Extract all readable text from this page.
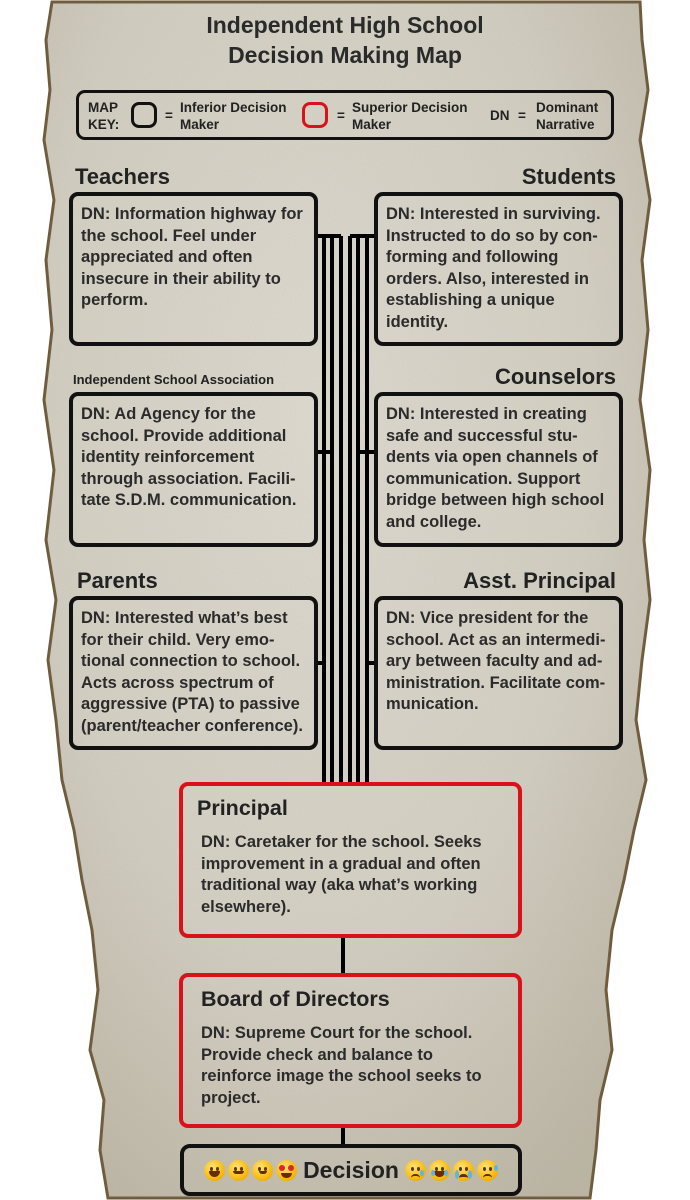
Independent High School
Decision Making Map
MAP
KEY:
=
Inferior Decision
Maker
=
Superior Decision
Maker
DN =
Dominant
Narrative
Teachers
DN: Information highway for the school. Feel under appreciated and often insecure in their ability to perform.
Students
DN: Interested in surviving. Instructed to do so by con-forming and following orders. Also, interested in establishing a unique identity.
Independent School Association
DN: Ad Agency for the school. Provide additional identity reinforcement through association. Facili-tate S.D.M. communication.
Counselors
DN: Interested in creating safe and successful stu-dents via open channels of communication. Support bridge between high school and college.
Parents
DN: Interested what’s best for their child. Very emo-tional connection to school. Acts across spectrum of aggressive (PTA) to passive (parent/teacher conference).
Asst. Principal
DN: Vice president for the school. Act as an intermedi-ary between faculty and ad-ministration. Facilitate com-munication.
Principal
DN: Caretaker for the school. Seeks improvement in a gradual and often traditional way (aka what’s working elsewhere).
Board of Directors
DN: Supreme Court for the school. Provide check and balance to reinforce image the school seeks to project.
Decision
